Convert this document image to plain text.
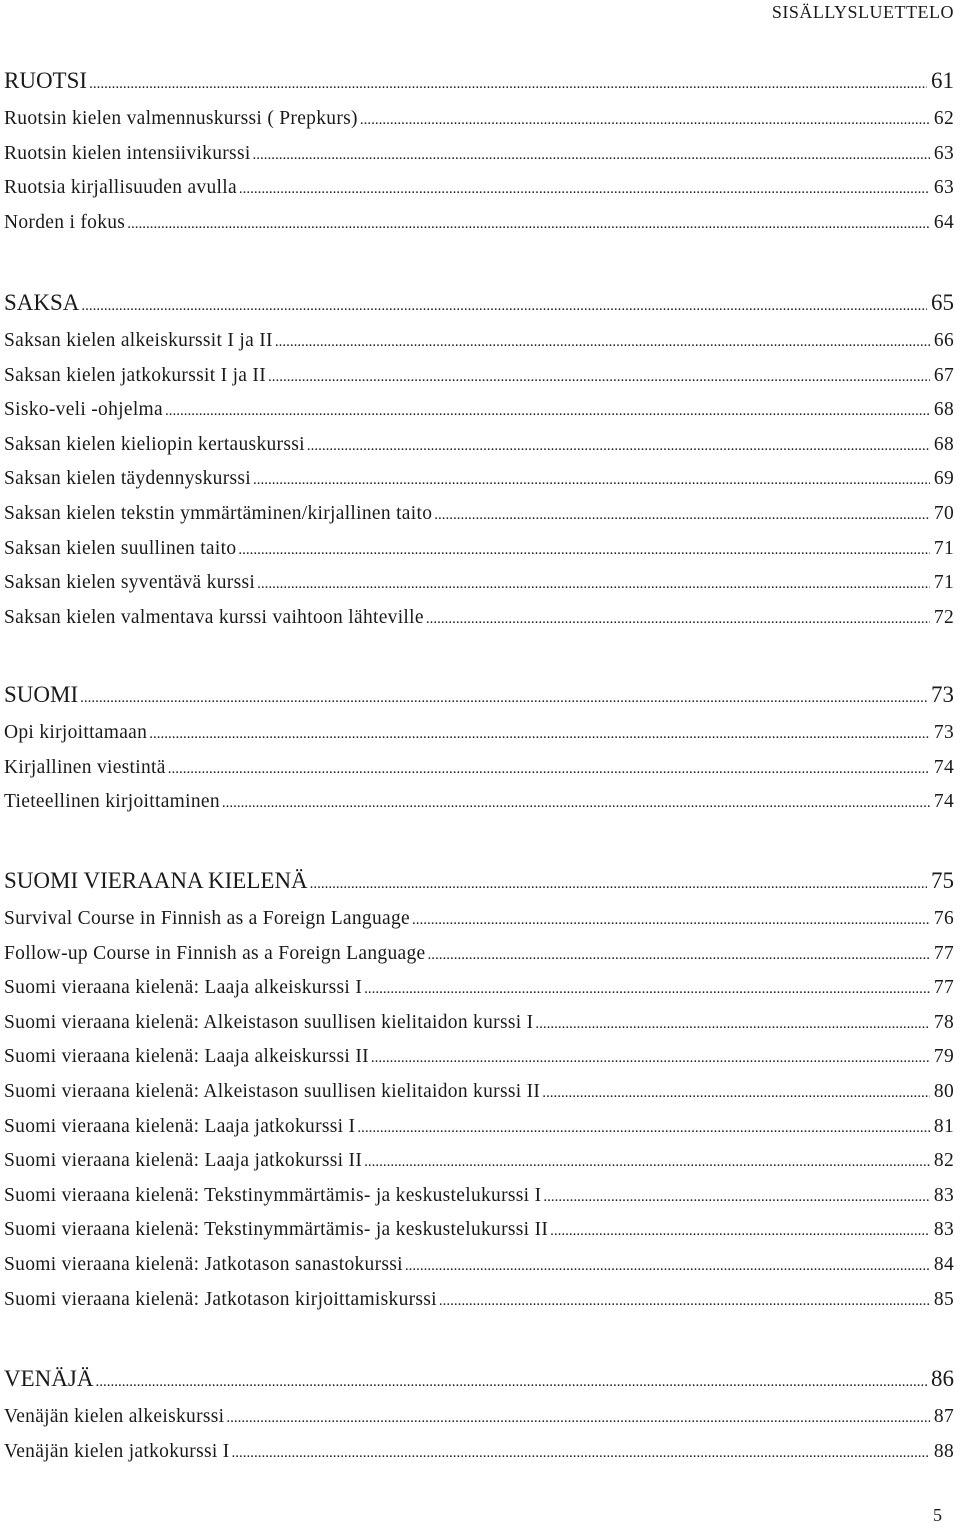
SISÄLLYSLUETTELO
RUOTSI .....	61
Ruotsin kielen valmennuskurssi ( Prepkurs) .....	62
Ruotsin kielen intensiivikurssi .....	63
Ruotsia kirjallisuuden avulla .....	63
Norden i fokus .....	64
SAKSA .....	65
Saksan kielen alkeiskurssit I ja II .....	66
Saksan kielen jatkokurssit I ja II .....	67
Sisko-veli -ohjelma .....	68
Saksan kielen kieliopin kertauskurssi .....	68
Saksan kielen täydennyskurssi .....	69
Saksan kielen tekstin ymmärtäminen/kirjallinen taito .....	70
Saksan kielen suullinen taito .....	71
Saksan kielen syventävä kurssi .....	71
Saksan kielen valmentava kurssi vaihtoon lähteville .....	72
SUOMI .....	73
Opi kirjoittamaan .....	73
Kirjallinen viestintä .....	74
Tieteellinen kirjoittaminen .....	74
SUOMI VIERAANA KIELENÄ .....	75
Survival Course in Finnish as a Foreign Language .....	76
Follow-up Course in Finnish as a Foreign Language .....	77
Suomi vieraana kielenä: Laaja alkeiskurssi I .....	77
Suomi vieraana kielenä: Alkeistason suullisen kielitaidon kurssi I .....	78
Suomi vieraana kielenä: Laaja alkeiskurssi II .....	79
Suomi vieraana kielenä: Alkeistason suullisen kielitaidon kurssi II .....	80
Suomi vieraana kielenä: Laaja jatkokurssi I .....	81
Suomi vieraana kielenä: Laaja jatkokurssi II .....	82
Suomi vieraana kielenä: Tekstinymmärtämis- ja keskustelukurssi I .....	83
Suomi vieraana kielenä: Tekstinymmärtämis- ja keskustelukurssi II .....	83
Suomi vieraana kielenä: Jatkotason sanastokurssi .....	84
Suomi vieraana kielenä: Jatkotason kirjoittamiskurssi .....	85
VENÄJÄ .....	86
Venäjän kielen alkeiskurssi .....	87
Venäjän kielen jatkokurssi I .....	88
5
